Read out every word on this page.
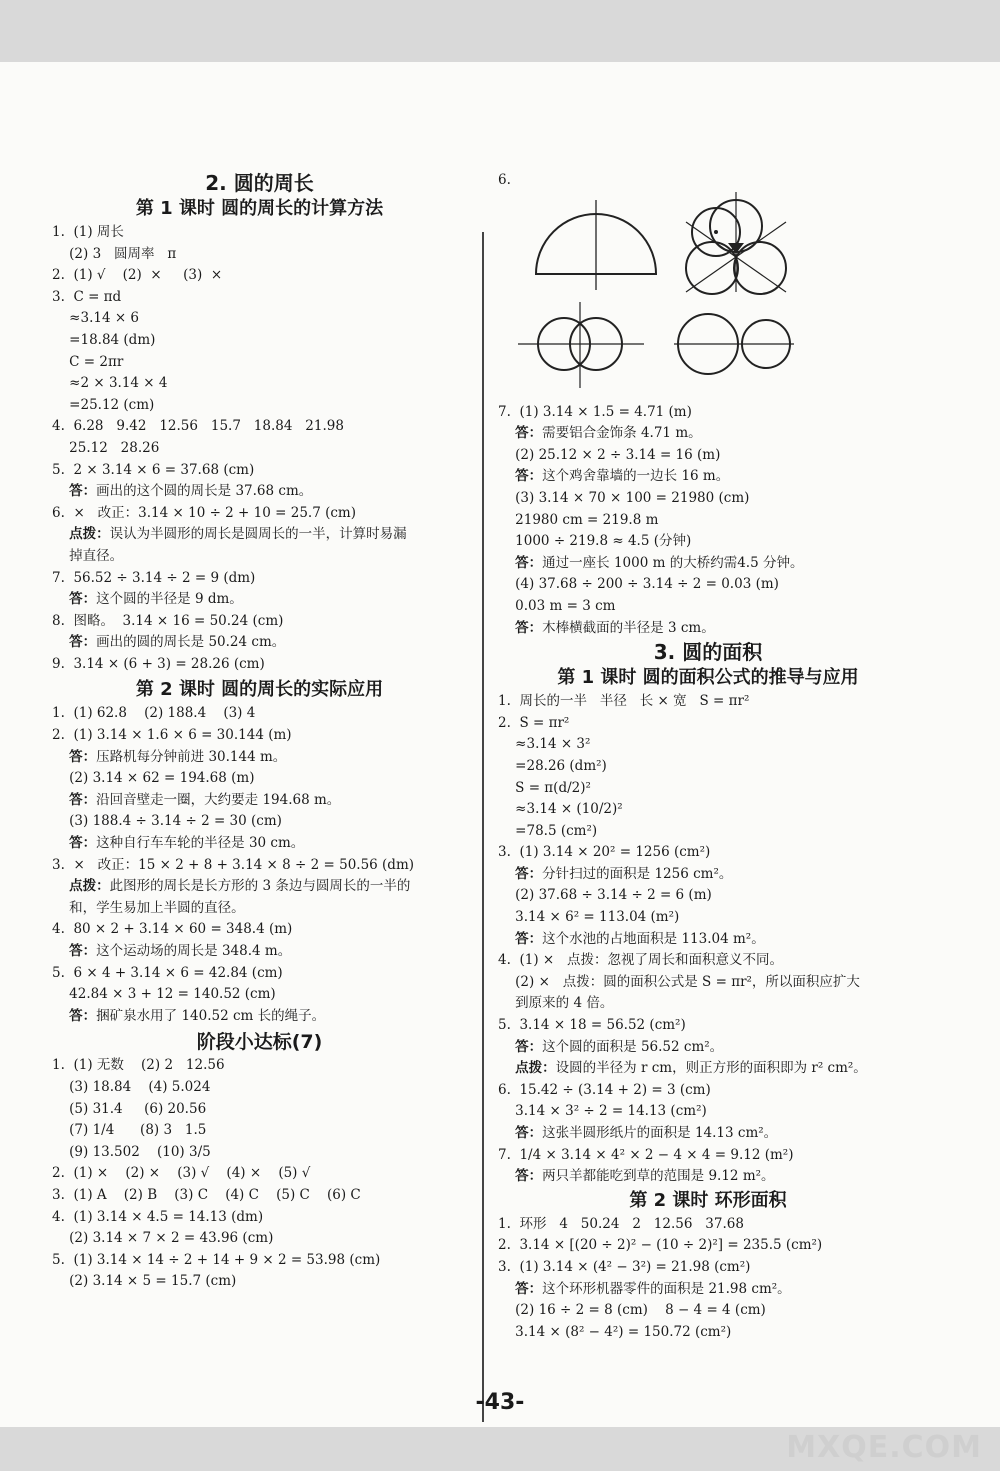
2. 圆的周长
第 1 课时 圆的周长的计算方法
1.  (1) 周长
(2) 3   圆周率   π
2.  (1) √    (2)  ×     (3)  ×
3.  C = πd
≈3.14 × 6
=18.84 (dm)
C = 2πr
≈2 × 3.14 × 4
=25.12 (cm)
4.  6.28   9.42   12.56   15.7   18.84   21.98
25.12   28.26
5.  2 × 3.14 × 6 = 37.68 (cm)
答：画出的这个圆的周长是 37.68 cm。
6.  ×   改正：3.14 × 10 ÷ 2 + 10 = 25.7 (cm)
点拨：误认为半圆形的周长是圆周长的一半，计算时易漏
掉直径。
7.  56.52 ÷ 3.14 ÷ 2 = 9 (dm)
答：这个圆的半径是 9 dm。
8.  图略。  3.14 × 16 = 50.24 (cm)
答：画出的圆的周长是 50.24 cm。
9.  3.14 × (6 + 3) = 28.26 (cm)
第 2 课时 圆的周长的实际应用
1.  (1) 62.8    (2) 188.4    (3) 4
2.  (1) 3.14 × 1.6 × 6 = 30.144 (m)
答：压路机每分钟前进 30.144 m。
(2) 3.14 × 62 = 194.68 (m)
答：沿回音壁走一圈，大约要走 194.68 m。
(3) 188.4 ÷ 3.14 ÷ 2 = 30 (cm)
答：这种自行车车轮的半径是 30 cm。
3.  ×   改正：15 × 2 + 8 + 3.14 × 8 ÷ 2 = 50.56 (dm)
点拨：此图形的周长是长方形的 3 条边与圆周长的一半的
和，学生易加上半圆的直径。
4.  80 × 2 + 3.14 × 60 = 348.4 (m)
答：这个运动场的周长是 348.4 m。
5.  6 × 4 + 3.14 × 6 = 42.84 (cm)
42.84 × 3 + 12 = 140.52 (cm)
答：捆矿泉水用了 140.52 cm 长的绳子。
阶段小达标(7)
1.  (1) 无数    (2) 2   12.56
(3) 18.84    (4) 5.024
(5) 31.4     (6) 20.56
(7) 1/4      (8) 3   1.5
(9) 13.502    (10) 3/5
2.  (1) ×    (2) ×    (3) √    (4) ×    (5) √
3.  (1) A    (2) B    (3) C    (4) C    (5) C    (6) C
4.  (1) 3.14 × 4.5 = 14.13 (dm)
(2) 3.14 × 7 × 2 = 43.96 (cm)
5.  (1) 3.14 × 14 ÷ 2 + 14 + 9 × 2 = 53.98 (cm)
(2) 3.14 × 5 = 15.7 (cm)
6.
7.  (1) 3.14 × 1.5 = 4.71 (m)
答：需要铝合金饰条 4.71 m。
(2) 25.12 × 2 ÷ 3.14 = 16 (m)
答：这个鸡舍靠墙的一边长 16 m。
(3) 3.14 × 70 × 100 = 21980 (cm)
21980 cm = 219.8 m
1000 ÷ 219.8 ≈ 4.5 (分钟)
答：通过一座长 1000 m 的大桥约需4.5 分钟。
(4) 37.68 ÷ 200 ÷ 3.14 ÷ 2 = 0.03 (m)
0.03 m = 3 cm
答：木棒横截面的半径是 3 cm。
3. 圆的面积
第 1 课时 圆的面积公式的推导与应用
1.  周长的一半   半径   长 × 宽   S = πr²
2.  S = πr²
≈3.14 × 3²
=28.26 (dm²)
S = π(d/2)²
≈3.14 × (10/2)²
=78.5 (cm²)
3.  (1) 3.14 × 20² = 1256 (cm²)
答：分针扫过的面积是 1256 cm²。
(2) 37.68 ÷ 3.14 ÷ 2 = 6 (m)
3.14 × 6² = 113.04 (m²)
答：这个水池的占地面积是 113.04 m²。
4.  (1) ×   点拨：忽视了周长和面积意义不同。
(2) ×   点拨：圆的面积公式是 S = πr²，所以面积应扩大
到原来的 4 倍。
5.  3.14 × 18 = 56.52 (cm²)
答：这个圆的面积是 56.52 cm²。
点拨：设圆的半径为 r cm，则正方形的面积即为 r² cm²。
6.  15.42 ÷ (3.14 + 2) = 3 (cm)
3.14 × 3² ÷ 2 = 14.13 (cm²)
答：这张半圆形纸片的面积是 14.13 cm²。
7.  1/4 × 3.14 × 4² × 2 − 4 × 4 = 9.12 (m²)
答：两只羊都能吃到草的范围是 9.12 m²。
第 2 课时 环形面积
1.  环形   4   50.24   2   12.56   37.68
2.  3.14 × [(20 ÷ 2)² − (10 ÷ 2)²] = 235.5 (cm²)
3.  (1) 3.14 × (4² − 3²) = 21.98 (cm²)
答：这个环形机器零件的面积是 21.98 cm²。
(2) 16 ÷ 2 = 8 (cm)    8 − 4 = 4 (cm)
3.14 × (8² − 4²) = 150.72 (cm²)
-43-
MXQE.COM
